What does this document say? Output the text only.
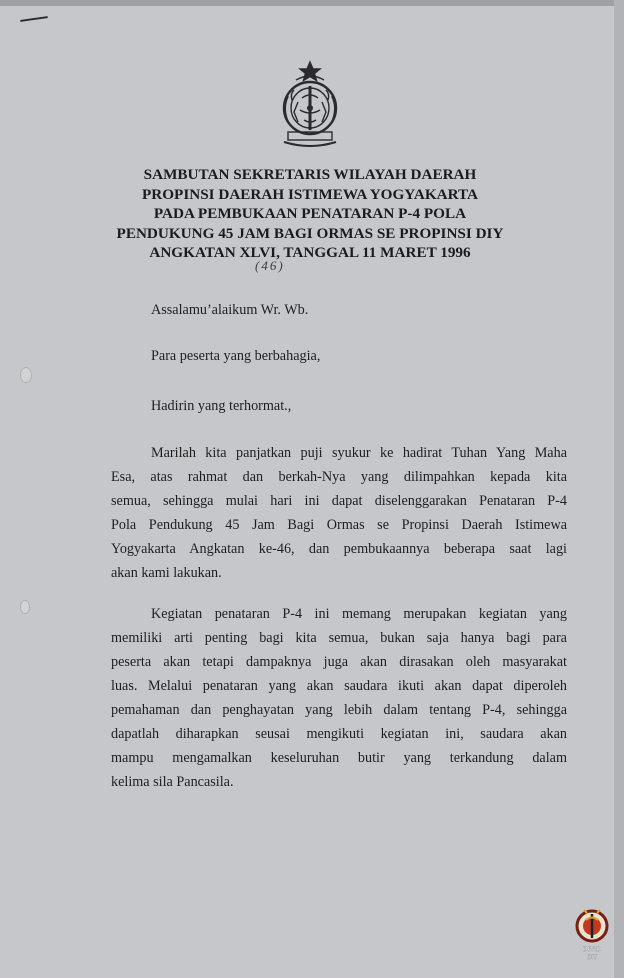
SAMBUTAN SEKRETARIS WILAYAH DAERAH
PROPINSI DAERAH ISTIMEWA YOGYAKARTA
PADA PEMBUKAAN PENATARAN P-4 POLA
PENDUKUNG 45 JAM BAGI ORMAS SE PROPINSI DIY
ANGKATAN XLVI, TANGGAL 11 MARET 1996
(46)
Assalamu’alaikum Wr. Wb.
Para peserta yang berbahagia,
Hadirin yang terhormat.,
Marilah kita panjatkan puji syukur ke hadirat Tuhan Yang Maha
Esa, atas rahmat dan berkah-Nya yang dilimpahkan kepada kita
semua, sehingga mulai hari ini dapat diselenggarakan Penataran P-4
Pola Pendukung 45 Jam Bagi Ormas se Propinsi Daerah Istimewa
Yogyakarta Angkatan ke-46, dan pembukaannya beberapa saat lagi
akan kami lakukan.
Kegiatan penataran P-4 ini memang merupakan kegiatan yang
memiliki arti penting bagi kita semua, bukan saja hanya bagi para
peserta akan tetapi dampaknya juga akan dirasakan oleh masyarakat
luas. Melalui penataran yang akan saudara ikuti akan dapat diperoleh
pemahaman dan penghayatan yang lebih dalam tentang P-4, sehingga
dapatlah diharapkan seusai mengikuti kegiatan ini, saudara akan
mampu mengamalkan keseluruhan butir yang terkandung dalam
kelima sila Pancasila.
DPAD
DIY
